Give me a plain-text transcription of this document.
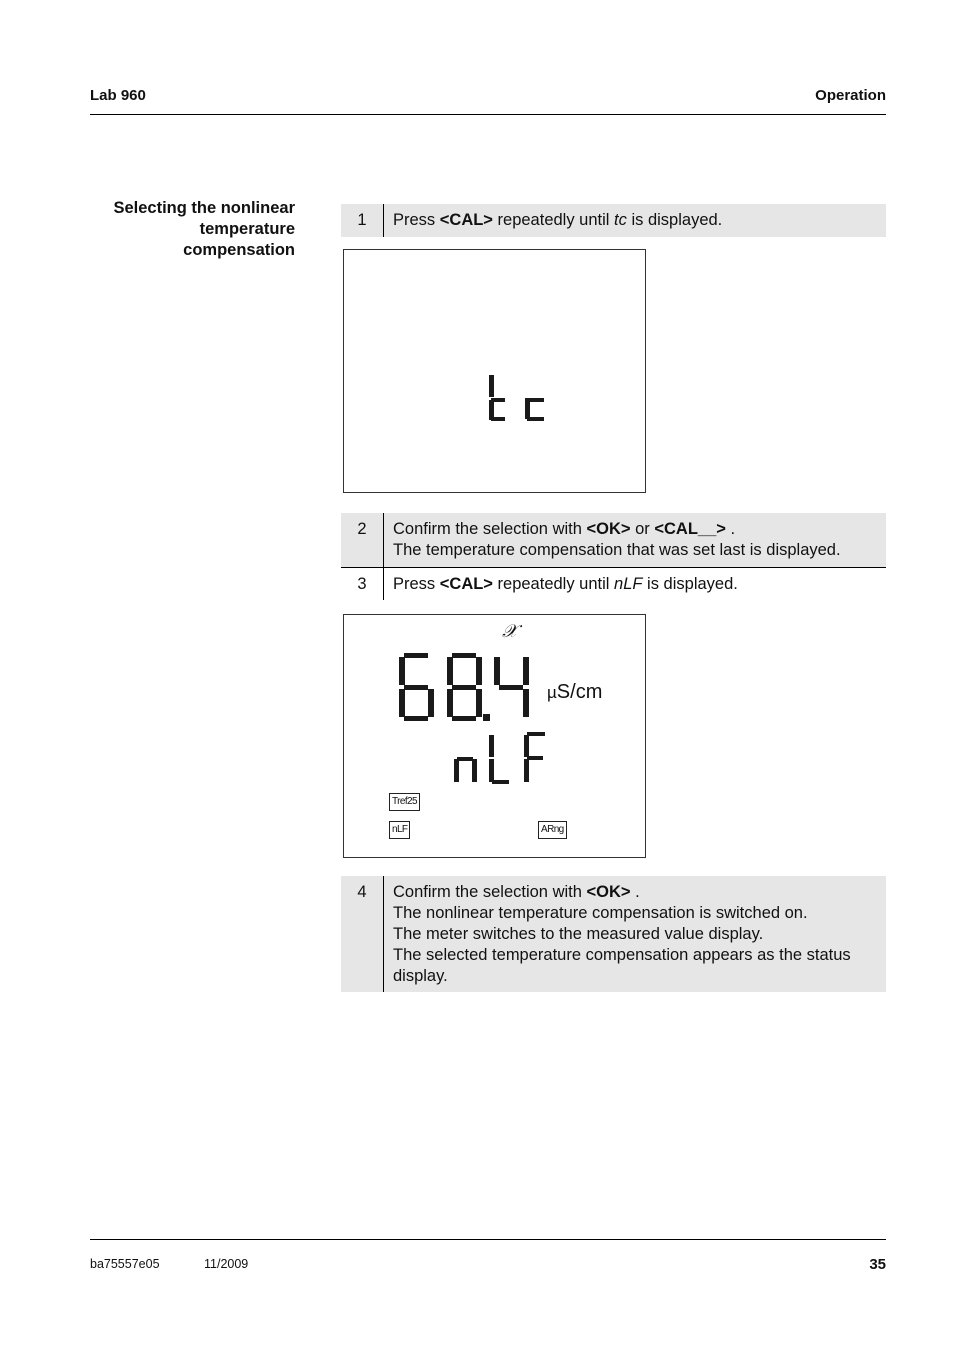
Lab 960	Operation
Selecting the nonlinear
temperature
compensation
1	Press <CAL> repeatedly until tc is displayed.
2	Confirm the selection with <OK> or <CAL__> .
The temperature compensation that was set last is displayed.
3	Press <CAL> repeatedly until nLF is displayed.
𝒳
µS/cm
Tref25
nLF	ARng
4	Confirm the selection with <OK> .
The nonlinear temperature compensation is switched on.
The meter switches to the measured value display.
The selected temperature compensation appears as the status
display.
ba75557e05	11/2009	35
